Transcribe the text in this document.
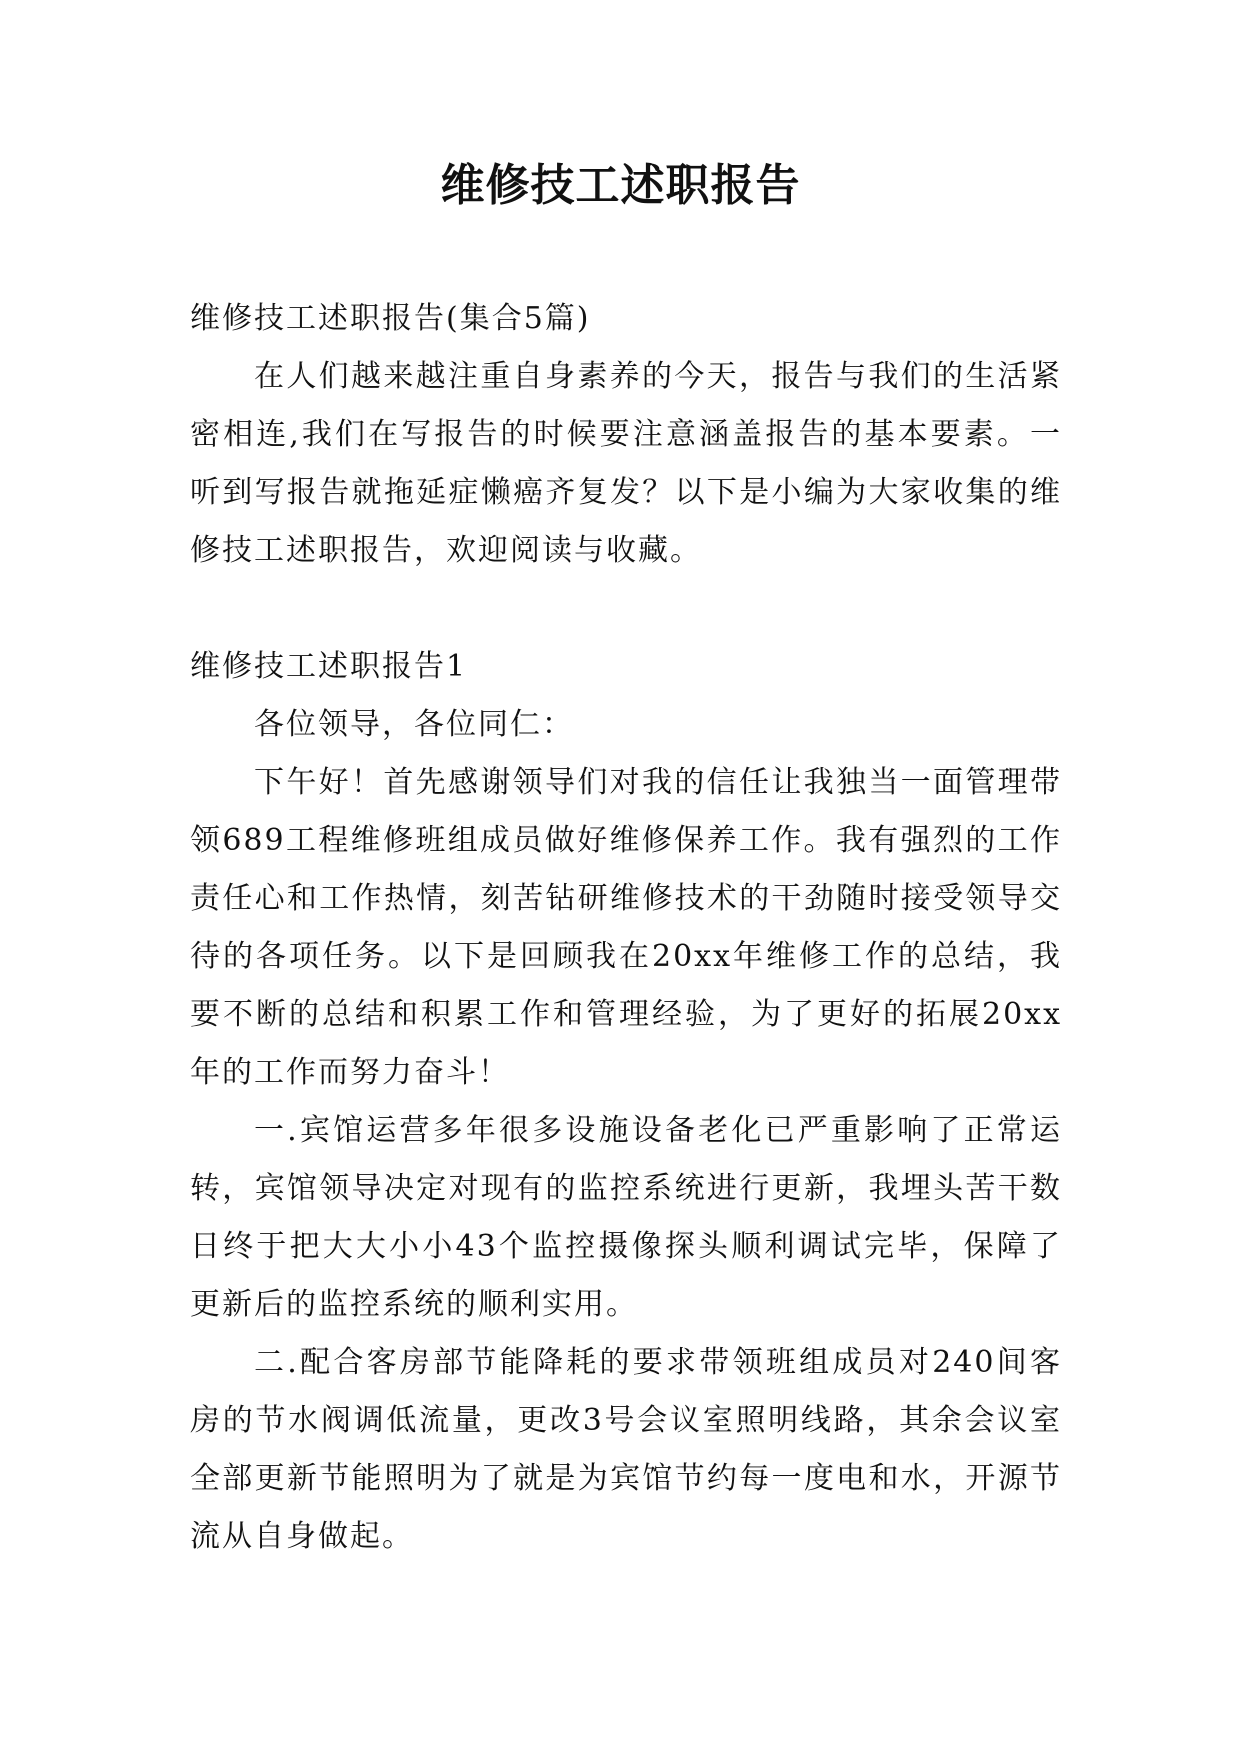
维修技工述职报告

维修技工述职报告(集合5篇)

在人们越来越注重自身素养的今天，报告与我们的生活紧密相连,我们在写报告的时候要注意涵盖报告的基本要素。一听到写报告就拖延症懒癌齐复发？以下是小编为大家收集的维修技工述职报告，欢迎阅读与收藏。

维修技工述职报告1

各位领导，各位同仁：

下午好！首先感谢领导们对我的信任让我独当一面管理带领689工程维修班组成员做好维修保养工作。我有强烈的工作责任心和工作热情，刻苦钻研维修技术的干劲随时接受领导交待的各项任务。以下是回顾我在20xx年维修工作的总结，我要不断的总结和积累工作和管理经验，为了更好的拓展20xx年的工作而努力奋斗！

一.宾馆运营多年很多设施设备老化已严重影响了正常运转，宾馆领导决定对现有的监控系统进行更新，我埋头苦干数日终于把大大小小43个监控摄像探头顺利调试完毕，保障了更新后的监控系统的顺利实用。

二.配合客房部节能降耗的要求带领班组成员对240间客房的节水阀调低流量，更改3号会议室照明线路，其余会议室全部更新节能照明为了就是为宾馆节约每一度电和水，开源节流从自身做起。
